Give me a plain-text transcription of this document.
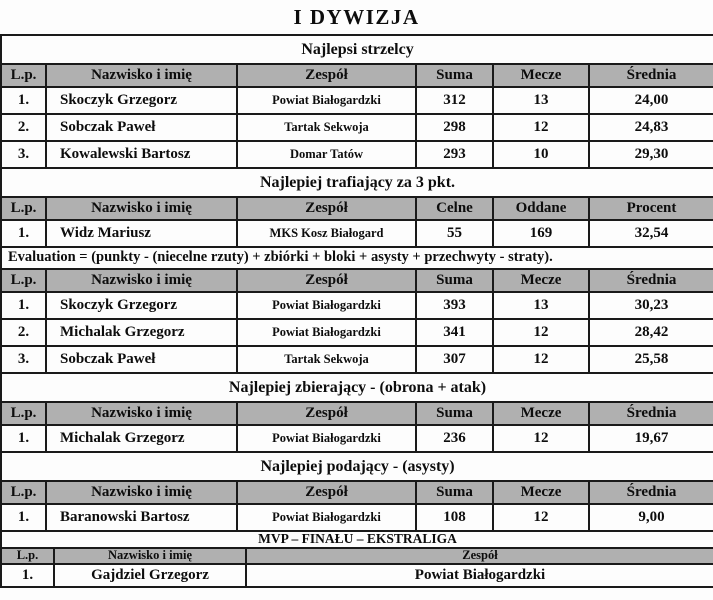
I DYWIZJA
Najlepsi strzelcy					
L.p.	Nazwisko i imię	Zespół	Suma	Mecze	Średnia
1.	Skoczyk Grzegorz	Powiat Białogardzki	312	13	24,00
2.	Sobczak Paweł	Tartak Sekwoja	298	12	24,83
3.	Kowalewski Bartosz	Domar Tatów	293	10	29,30
Najlepiej trafiający za 3 pkt.					
L.p.	Nazwisko i imię	Zespół	Celne	Oddane	Procent
1.	Widz Mariusz	MKS Kosz Białogard	55	169	32,54
Evaluation = (punkty - (niecelne rzuty) + zbiórki + bloki + asysty + przechwyty - straty).					
L.p.	Nazwisko i imię	Zespół	Suma	Mecze	Średnia
1.	Skoczyk Grzegorz	Powiat Białogardzki	393	13	30,23
2.	Michalak Grzegorz	Powiat Białogardzki	341	12	28,42
3.	Sobczak Paweł	Tartak Sekwoja	307	12	25,58
Najlepiej zbierający - (obrona + atak)					
L.p.	Nazwisko i imię	Zespół	Suma	Mecze	Średnia
1.	Michalak Grzegorz	Powiat Białogardzki	236	12	19,67
Najlepiej podający - (asysty)					
L.p.	Nazwisko i imię	Zespół	Suma	Mecze	Średnia
1.	Baranowski Bartosz	Powiat Białogardzki	108	12	9,00
MVP – FINAŁU – EKSTRALIGA		
L.p.	Nazwisko i imię	Zespół
1.	Gajdziel Grzegorz	Powiat Białogardzki
